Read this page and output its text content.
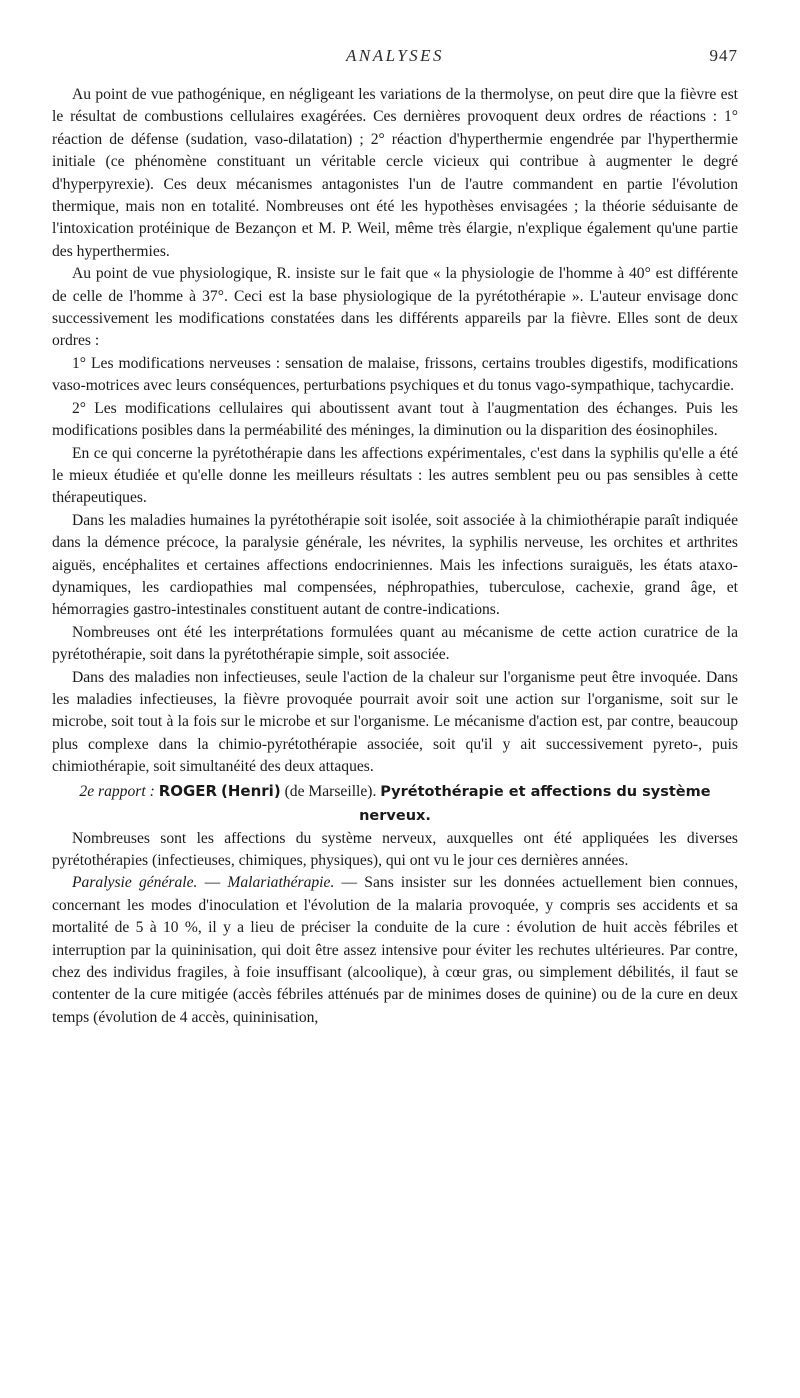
ANALYSES	947

Au point de vue pathogénique, en négligeant les variations de la thermolyse, on peut dire que la fièvre est le résultat de combustions cellulaires exagérées. Ces dernières provoquent deux ordres de réactions : 1° réaction de défense (sudation, vaso-dilatation) ; 2° réaction d'hyperthermie engendrée par l'hyperthermie initiale (ce phénomène constituant un véritable cercle vicieux qui contribue à augmenter le degré d'hyperpyrexie). Ces deux mécanismes antagonistes l'un de l'autre commandent en partie l'évolution thermique, mais non en totalité. Nombreuses ont été les hypothèses envisagées ; la théorie séduisante de l'intoxication protéinique de Bezançon et M. P. Weil, même très élargie, n'explique également qu'une partie des hyperthermies.

Au point de vue physiologique, R. insiste sur le fait que « la physiologie de l'homme à 40° est différente de celle de l'homme à 37°. Ceci est la base physiologique de la pyrétothérapie ». L'auteur envisage donc successivement les modifications constatées dans les différents appareils par la fièvre. Elles sont de deux ordres :

1° Les modifications nerveuses : sensation de malaise, frissons, certains troubles digestifs, modifications vaso-motrices avec leurs conséquences, perturbations psychiques et du tonus vago-sympathique, tachycardie.

2° Les modifications cellulaires qui aboutissent avant tout à l'augmentation des échanges. Puis les modifications posibles dans la perméabilité des méninges, la diminution ou la disparition des éosinophiles.

En ce qui concerne la pyrétothérapie dans les affections expérimentales, c'est dans la syphilis qu'elle a été le mieux étudiée et qu'elle donne les meilleurs résultats : les autres semblent peu ou pas sensibles à cette thérapeutiques.

Dans les maladies humaines la pyrétothérapie soit isolée, soit associée à la chimiothérapie paraît indiquée dans la démence précoce, la paralysie générale, les névrites, la syphilis nerveuse, les orchites et arthrites aiguës, encéphalites et certaines affections endocriniennes. Mais les infections suraiguës, les états ataxo-dynamiques, les cardiopathies mal compensées, néphropathies, tuberculose, cachexie, grand âge, et hémorragies gastro-intestinales constituent autant de contre-indications.

Nombreuses ont été les interprétations formulées quant au mécanisme de cette action curatrice de la pyrétothérapie, soit dans la pyrétothérapie simple, soit associée.

Dans des maladies non infectieuses, seule l'action de la chaleur sur l'organisme peut être invoquée. Dans les maladies infectieuses, la fièvre provoquée pourrait avoir soit une action sur l'organisme, soit sur le microbe, soit tout à la fois sur le microbe et sur l'organisme. Le mécanisme d'action est, par contre, beaucoup plus complexe dans la chimio-pyrétothérapie associée, soit qu'il y ait successivement pyreto-, puis chimiothérapie, soit simultanéité des deux attaques.

2e rapport : ROGER (Henri) (de Marseille). Pyrétothérapie et affections du système nerveux.

Nombreuses sont les affections du système nerveux, auxquelles ont été appliquées les diverses pyrétothérapies (infectieuses, chimiques, physiques), qui ont vu le jour ces dernières années.

Paralysie générale. — Malariathérapie. — Sans insister sur les données actuellement bien connues, concernant les modes d'inoculation et l'évolution de la malaria provoquée, y compris ses accidents et sa mortalité de 5 à 10 %, il y a lieu de préciser la conduite de la cure : évolution de huit accès fébriles et interruption par la quininisation, qui doit être assez intensive pour éviter les rechutes ultérieures. Par contre, chez des individus fragiles, à foie insuffisant (alcoolique), à cœur gras, ou simplement débilités, il faut se contenter de la cure mitigée (accès fébriles atténués par de minimes doses de quinine) ou de la cure en deux temps (évolution de 4 accès, quininisation,
